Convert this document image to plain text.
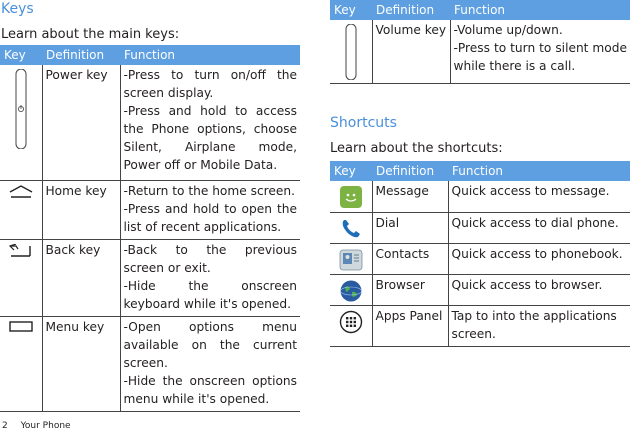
Keys
Learn about the main keys:
Key	Definition	Function
	Power key	-Press to turn on/off the screen display.

-Press and hold to access the Phone options, choose Silent, Airplane mode, Power off or Mobile Data.

	Home key	-Return to the home screen.

-Press and hold to open the list of recent applications.

	Back key	-Back to the previous screen or exit.

-Hide the onscreen keyboard while it's opened.

	Menu key	-Open options menu available on the current screen.

-Hide the onscreen options menu while it's opened.

Key	Definition	Function
	Volume key	-Volume up/down.

-Press to turn to silent mode while there is a call.

Shortcuts
Learn about the shortcuts:
Key	Definition	Function
	Message	Quick access to message.

	Dial	Quick access to dial phone.

	Contacts	Quick access to phonebook.

	Browser	Quick access to browser.

	Apps Panel	Tap to into the applications screen.

2 Your Phone
